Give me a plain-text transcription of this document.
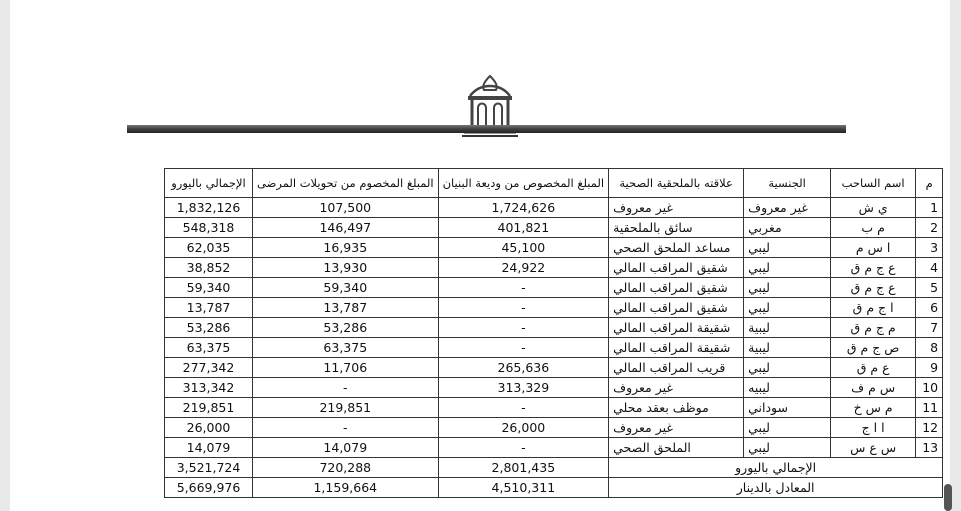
م	اسم الساحب	الجنسية	علاقته بالملحقية الصحية	المبلغ المخصوص من وديعة البنيان	المبلغ المخصوم من تحويلات المرضى	الإجمالي باليورو
1	ي ش	غير معروف	غير معروف	1,724,626	107,500	1,832,126
2	م ب	مغربي	سائق بالملحقية	401,821	146,497	548,318
3	ا س م	ليبي	مساعد الملحق الصحي	45,100	16,935	62,035
4	ع ج م ق	ليبي	شقيق المراقب المالي	24,922	13,930	38,852
5	ع ج م ق	ليبي	شقيق المراقب المالي	-	59,340	59,340
6	ا ج م ق	ليبي	شقيق المراقب المالي	-	13,787	13,787
7	م ج م ق	ليبية	شقيقة المراقب المالي	-	53,286	53,286
8	ص ج م ق	ليبية	شقيقة المراقب المالي	-	63,375	63,375
9	ع م ق	ليبي	قريب المراقب المالي	265,636	11,706	277,342
10	س م ف	ليبيه	غير معروف	313,329	-	313,342
11	م س خ	سوداني	موظف بعقد محلي	-	219,851	219,851
12	ا ا ج	ليبي	غير معروف	26,000	-	26,000
13	س ع س	ليبي	الملحق الصحي	-	14,079	14,079
الإجمالي باليورو				2,801,435	720,288	3,521,724
المعادل بالدينار				4,510,311	1,159,664	5,669,976
